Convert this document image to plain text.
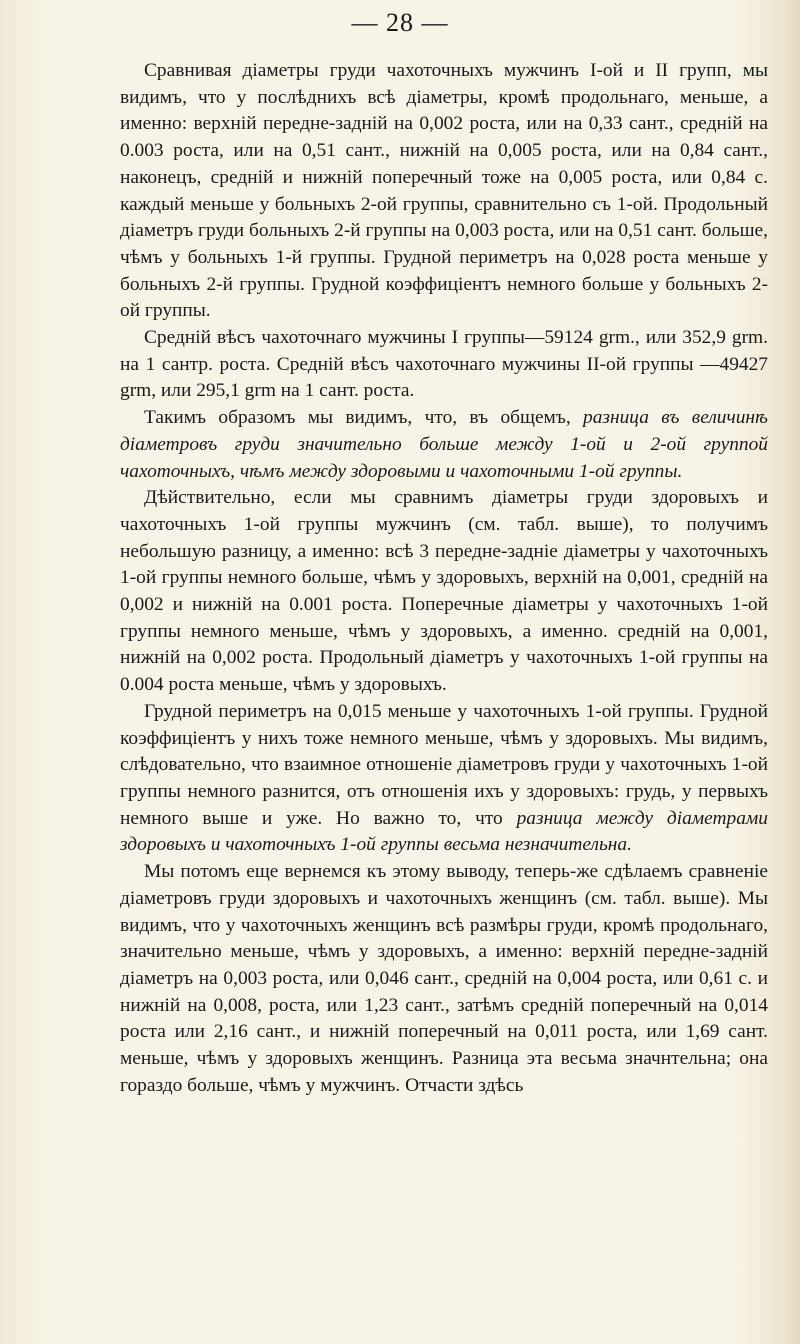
— 28 —

Сравнивая діаметры груди чахоточныхъ мужчинъ I-ой и II групп, мы видимъ, что у послѣднихъ всѣ діаметры, кромѣ продольнаго, меньше, а именно: верхній передне-задній на 0,002 роста, или на 0,33 сант., средній на 0.003 роста, или на 0,51 сант., нижній на 0,005 роста, или на 0,84 сант., наконецъ, средній и нижній поперечный тоже на 0,005 роста, или 0,84 с. каждый меньше у больныхъ 2-ой группы, сравнительно съ 1-ой. Продольный діаметръ груди больныхъ 2-й группы на 0,003 роста, или на 0,51 сант. больше, чѣмъ у больныхъ 1-й группы. Грудной периметръ на 0,028 роста меньше у больныхъ 2-й группы. Грудной коэффиціентъ немного больше у больныхъ 2-ой группы.

Средній вѣсъ чахоточнаго мужчины I группы—59124 grm., или 352,9 grm. на 1 сантр. роста. Средній вѣсъ чахоточнаго мужчины II-ой группы —49427 grm, или 295,1 grm на 1 сант. роста.

Такимъ образомъ мы видимъ, что, въ общемъ, разница въ величинѣ діаметровъ груди значительно больше между 1-ой и 2-ой группой чахоточныхъ, чѣмъ между здоровыми и чахоточными 1-ой группы.

Дѣйствительно, если мы сравнимъ діаметры груди здоровыхъ и чахоточныхъ 1-ой группы мужчинъ (см. табл. выше), то получимъ небольшую разницу, а именно: всѣ 3 передне-задніе діаметры у чахоточныхъ 1-ой группы немного больше, чѣмъ у здоровыхъ, верхній на 0,001, средній на 0,002 и нижній на 0.001 роста. Поперечные діаметры у чахоточныхъ 1-ой группы немного меньше, чѣмъ у здоровыхъ, а именно. средній на 0,001, нижній на 0,002 роста. Продольный діаметръ у чахоточныхъ 1-ой группы на 0.004 роста меньше, чѣмъ у здоровыхъ.

Грудной периметръ на 0,015 меньше у чахоточныхъ 1-ой группы. Грудной коэффиціентъ у нихъ тоже немного меньше, чѣмъ у здоровыхъ. Мы видимъ, слѣдовательно, что взаимное отношеніе діаметровъ груди у чахоточныхъ 1-ой группы немного разнится, отъ отношенія ихъ у здоровыхъ: грудь, у первыхъ немного выше и уже. Но важно то, что разница между діаметрами здоровыхъ и чахоточныхъ 1-ой группы весьма незначительна.

Мы потомъ еще вернемся къ этому выводу, теперь-же сдѣлаемъ сравненіе діаметровъ груди здоровыхъ и чахоточныхъ женщинъ (см. табл. выше). Мы видимъ, что у чахоточныхъ женщинъ всѣ размѣры груди, кромѣ продольнаго, значительно меньше, чѣмъ у здоровыхъ, а именно: верхній передне-задній діаметръ на 0,003 роста, или 0,046 сант., средній на 0,004 роста, или 0,61 с. и нижній на 0,008, роста, или 1,23 сант., затѣмъ средній поперечный на 0,014 роста или 2,16 сант., и нижній поперечный на 0,011 роста, или 1,69 сант. меньше, чѣмъ у здоровыхъ женщинъ. Разница эта весьма значнтельна; она гораздо больше, чѣмъ у мужчинъ. Отчасти здѣсь
